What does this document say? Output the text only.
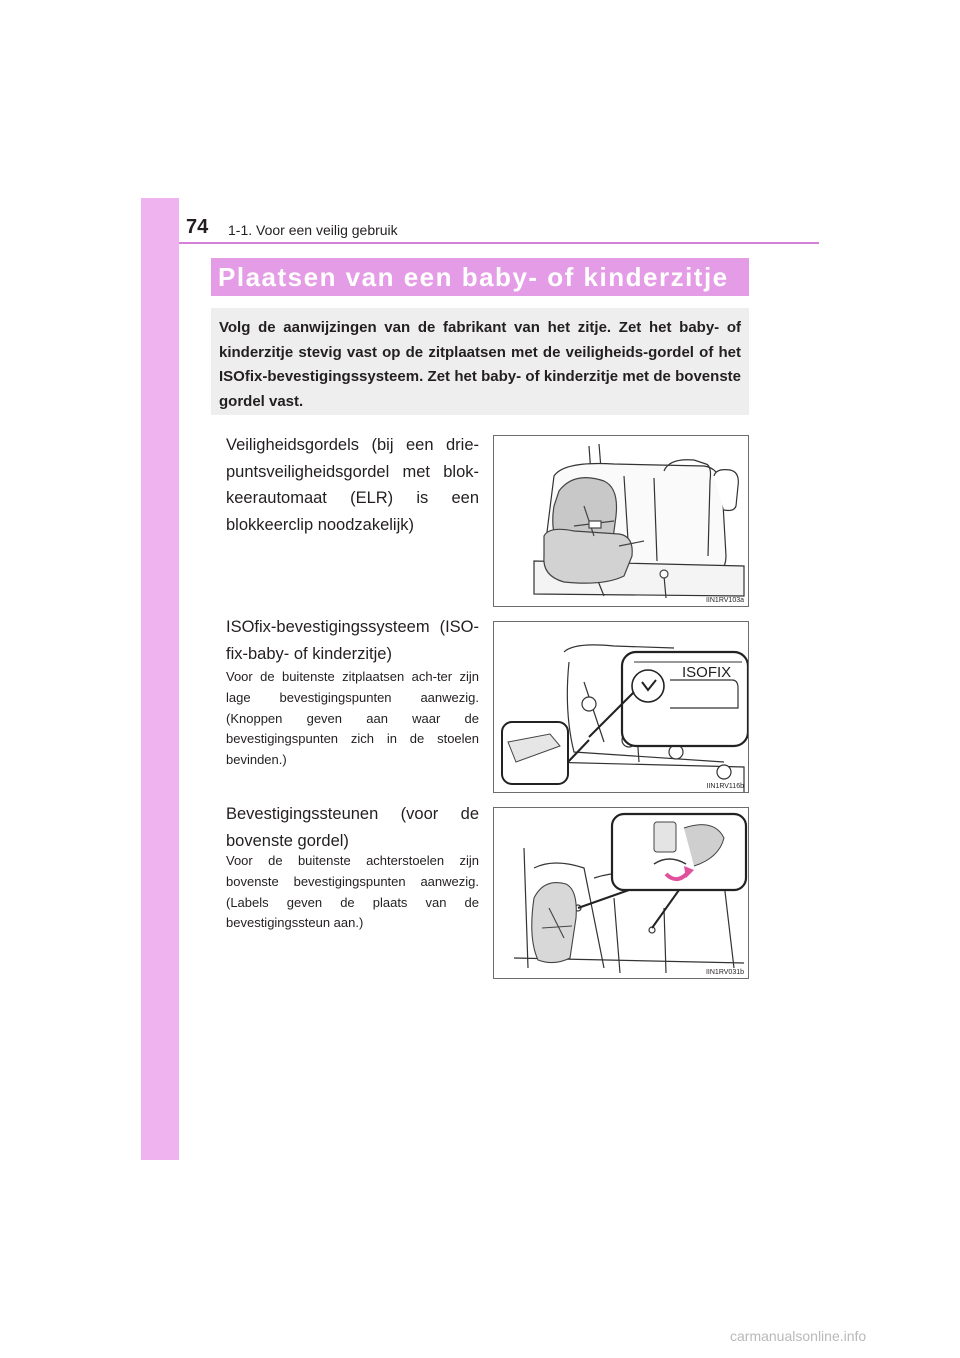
74 1-1. Voor een veilig gebruik
Plaatsen van een baby- of kinderzitje
Volg de aanwijzingen van de fabrikant van het zitje. Zet het baby- of kinderzitje stevig vast op de zitplaatsen met de veiligheids-gordel of het ISOfix-bevestigingssysteem. Zet het baby- of kinderzitje met de bovenste gordel vast.
Veiligheidsgordels (bij een drie-puntsveiligheidsgordel met blok-keerautomaat (ELR) is een blokkeerclip noodzakelijk)
IIN1RV103a
ISOfix-bevestigingssysteem (ISO-fix-baby- of kinderzitje)
Voor de buitenste zitplaatsen ach-ter zijn lage bevestigingspunten aanwezig. (Knoppen geven aan waar de bevestigingspunten zich in de stoelen bevinden.)
ISOFIX
IIN1RV116b
Bevestigingssteunen (voor de bovenste gordel)
Voor de buitenste achterstoelen zijn bovenste bevestigingspunten aanwezig. (Labels geven de plaats van de bevestigingssteun aan.)
IIN1RV031b
carmanualsonline.info
